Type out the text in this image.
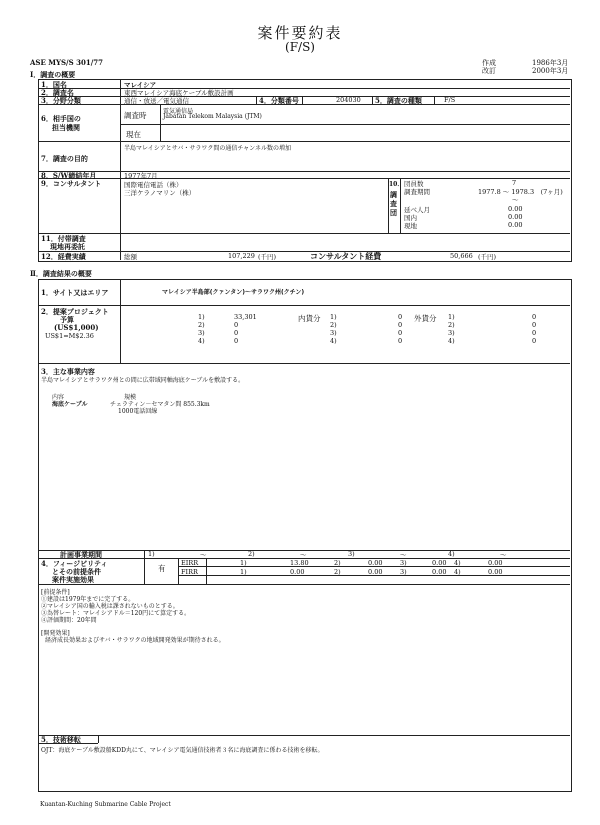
案件要約表
(F/S)
ASE MYS/S 301/77	作成	1986年3月
改訂	2000年3月
Ⅰ．調査の概要
1．国名	マレイシア
2．調査名	東西マレイシア海底ケーブル敷設計画
3．分野分類	通信・放送／電気通信	4．分類番号	204030 5．調査の種類	F/S
6．相手国の
担当機関
調査時	電気通信局
Jabatan Telekom Malaysia (JTM)
現在
7．調査の目的
半島マレイシアとサバ・サラワク間の通信チャンネル数の増加
8．S/W締結年月	1977年7月
9．コンサルタント	国際電信電話（株）
三洋ケラノマリン（株）
10．
調査団
団員数	7
調査期間	1977.8 ～ 1978.3　(7ヶ月)
～
延べ人月	0.00
国内	0.00
現地	0.00
11．付帯調査
現地再委託
12．経費実績	総額	107,229 (千円)	コンサルタント経費	50,666 (千円)
Ⅱ．調査結果の概要
1．サイト又はエリア	マレイシア半島部(クァンタン)～サラワク州(クチン)
2．提案プロジェクト
予算
(US$1,000)
US$1=M$2.36
内貨分	外貨分
1)	33,301	1)	0	1)	0
2)	0	2)	0	2)	0
3)	0	3)	0	3)	0
4)	0	4)	0	4)	0
3．主な事業内容
半島マレイシアとサラワク州との間に広帯域同軸海底ケーブルを敷設する。
内容	規模
海底ケーブル	チェラティン－セマタン間 855.3km
1000電話回線
計画事業期間	1)	～	2)	～	3)	～	4)	～
4．フィージビリティ
とその前提条件
案件実施効果
有
EIRR
FIRR
1)	13.80	2)	0.00	3)	0.00 4)	0.00
1)	0.00	2)	0.00	3)	0.00 4)	0.00
[前提条件]
①建設は1979年までに完了する。
②マレイシア国の輸入税は課されないものとする。
③為替レート：マレイシアドル＝120円にて算定する。
④評価期間：20年間
[開発効果]
経済成長効果およびサバ・サラワクの地域開発効果が期待される。
5．技術移転
OJT：海底ケーブル敷設船KDD丸にて、マレイシア電気通信技術者３名に海底調査に係わる技術を移転。
Kuantan-Kuching Submarine Cable Project
